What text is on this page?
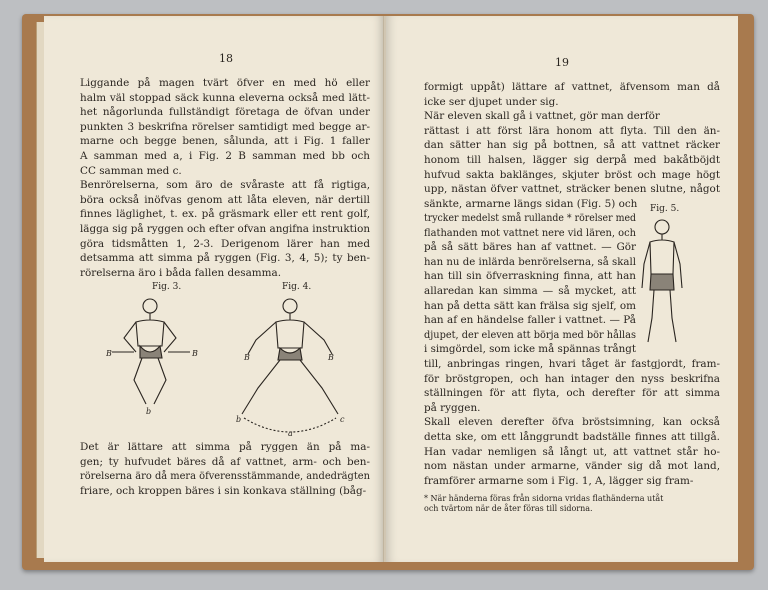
18
Liggande på magen tvärt öfver en med hö eller
halm väl stoppad säck kunna eleverna också med lätt-
het någorlunda fullständigt företaga de öfvan under
punkten 3 beskrifna rörelser samtidigt med begge ar-
marne och begge benen, sålunda, att i Fig. 1 faller
A samman med a, i Fig. 2 B samman med bb och
CC samman med c.
Benrörelserna, som äro de svåraste att få rigtiga,
böra också inöfvas genom att låta eleven, när dertill
finnes läglighet, t. ex. på gräsmark eller ett rent golf,
lägga sig på ryggen och efter ofvan angifna instruktion
göra tidsmåtten 1, 2-3. Derigenom lärer han med
detsamma att simma på ryggen (Fig. 3, 4, 5); ty ben-
rörelserna äro i båda fallen desamma.
Fig. 3.	Fig. 4.
B	B
b
B	B
b
a
c
Det är lättare att simma på ryggen än på ma-
gen; ty hufvudet bäres då af vattnet, arm- och ben-
rörelserna äro då mera öfverensstämmande, andedrägten
friare, och kroppen bäres i sin konkava ställning (båg-
19
formigt uppåt) lättare af vattnet, äfvensom man då
icke ser djupet under sig.
När eleven skall gå i vattnet, gör man derför
rättast i att först lära honom att flyta. Till den än-
dan sätter han sig på bottnen, så att vattnet räcker
honom till halsen, lägger sig derpå med bakåtböjdt
hufvud sakta baklänges, skjuter bröst och mage högt
upp, nästan öfver vattnet, sträcker benen slutne, något
sänkte, armarne längs sidan (Fig. 5) och
trycker medelst små rullande * rörelser med
flathanden mot vattnet nere vid lären, och
på så sätt bäres han af vattnet. — Gör
han nu de inlärda benrörelserna, så skall
han till sin öfverraskning finna, att han
allaredan kan simma — så mycket, att
han på detta sätt kan frälsa sig sjelf, om
han af en händelse faller i vattnet. — På
djupet, der eleven att börja med bör hållas
i simgördel, som icke må spännas trångt
Fig. 5.
till, anbringas ringen, hvari tåget är fastgjordt, fram-
för bröstgropen, och han intager den nyss beskrifna
ställningen för att flyta, och derefter för att simma
på ryggen.
Skall eleven derefter öfva bröstsimning, kan också
detta ske, om ett långgrundt badställe finnes att tillgå.
Han vadar nemligen så långt ut, att vattnet står ho-
nom nästan under armarne, vänder sig då mot land,
framförer armarne som i Fig. 1, A, lägger sig fram-
* När händerna föras från sidorna vridas flathänderna utåt
och tvärtom när de åter föras till sidorna.
